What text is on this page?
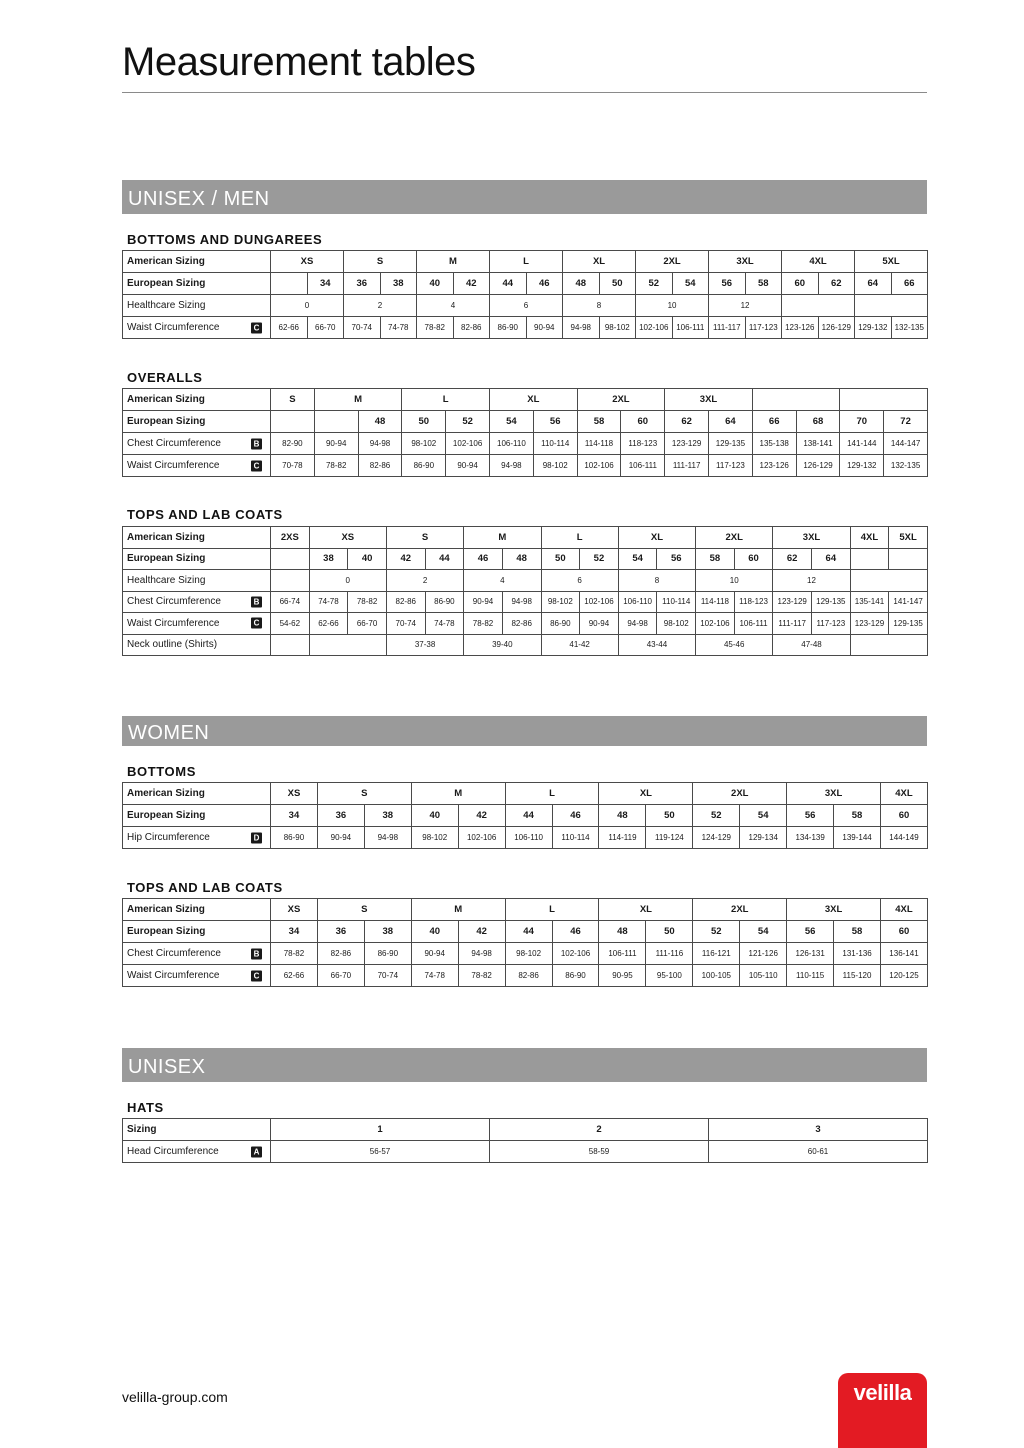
Measurement tables
UNISEX / MEN
BOTTOMS AND DUNGAREES
American Sizing	XS		S		M		L		XL		2XL		3XL		4XL		5XL	
European Sizing		34	36	38	40	42	44	46	48	50	52	54	56	58	60	62	64	66
Healthcare Sizing	0		2		4		6		8		10		12					
Waist Circumference C	62-66	66-70	70-74	74-78	78-82	82-86	86-90	90-94	94-98	98-102	102-106	106-111	111-117	117-123	123-126	126-129	129-132	132-135
OVERALLS
American Sizing	S	M		L		XL		2XL		3XL					
European Sizing			48	50	52	54	56	58	60	62	64	66	68	70	72
Chest Circumference B	82-90	90-94	94-98	98-102	102-106	106-110	110-114	114-118	118-123	123-129	129-135	135-138	138-141	141-144	144-147
Waist Circumference C	70-78	78-82	82-86	86-90	90-94	94-98	98-102	102-106	106-111	111-117	117-123	123-126	126-129	129-132	132-135
TOPS AND LAB COATS
American Sizing	2XS	XS		S		M		L		XL		2XL		3XL		4XL	5XL
European Sizing		38	40	42	44	46	48	50	52	54	56	58	60	62	64		
Healthcare Sizing		0		2		4		6		8		10		12			
Chest Circumference B	66-74	74-78	78-82	82-86	86-90	90-94	94-98	98-102	102-106	106-110	110-114	114-118	118-123	123-129	129-135	135-141	141-147
Waist Circumference C	54-62	62-66	66-70	70-74	74-78	78-82	82-86	86-90	90-94	94-98	98-102	102-106	106-111	111-117	117-123	123-129	129-135
Neck outline (Shirts)				37-38		39-40		41-42		43-44		45-46		47-48			
WOMEN
BOTTOMS
American Sizing	XS	S		M		L		XL		2XL		3XL		4XL
European Sizing	34	36	38	40	42	44	46	48	50	52	54	56	58	60
Hip Circumference D	86-90	90-94	94-98	98-102	102-106	106-110	110-114	114-119	119-124	124-129	129-134	134-139	139-144	144-149
TOPS AND LAB COATS
American Sizing	XS	S		M		L		XL		2XL		3XL		4XL
European Sizing	34	36	38	40	42	44	46	48	50	52	54	56	58	60
Chest Circumference B	78-82	82-86	86-90	90-94	94-98	98-102	102-106	106-111	111-116	116-121	121-126	126-131	131-136	136-141
Waist Circumference C	62-66	66-70	70-74	74-78	78-82	82-86	86-90	90-95	95-100	100-105	105-110	110-115	115-120	120-125
UNISEX
HATS
Sizing	1	2	3
Head Circumference A	56-57	58-59	60-61
velilla-group.com	velilla
